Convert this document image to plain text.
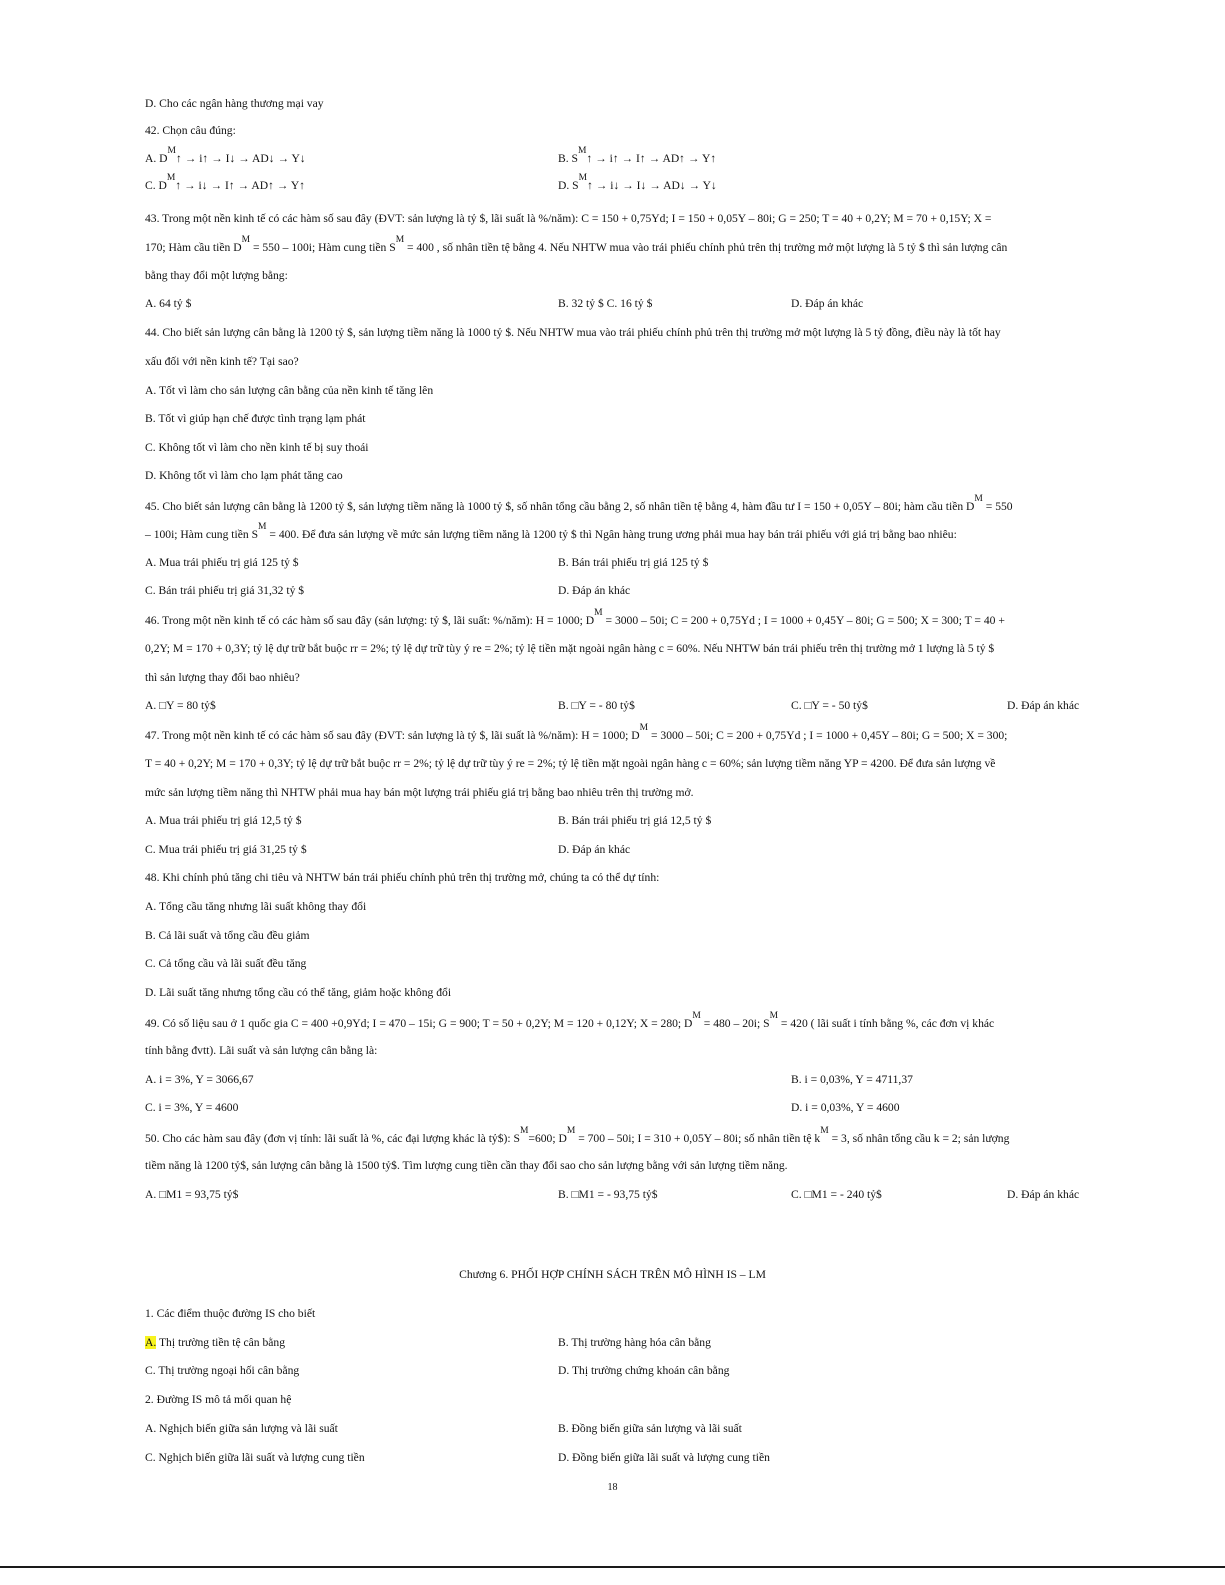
D. Cho các ngân hàng thương mại vay
42. Chọn câu đúng:
A. $D^M↑$ → i↑ → I↓ → AD↓ → Y↓	B. $S^M↑$ → i↑ → I↑ → AD↑ → Y↑
C. $D^M↑$ → i↓ → I↑ → AD↑ → Y↑	D. $S^M↑$ → i↓ → I↓ → AD↓ → Y↓
43. Trong một nền kinh tế có các hàm số sau đây (ĐVT: sản lượng là tỷ $, lãi suất là %/năm): C = 150 + 0,75Yd; I = 150 + 0,05Y – 80i; G = 250; T = 40 + 0,2Y; M = 70 + 0,15Y; X =
170; Hàm cầu tiền $D^M = 550 - 100i$; Hàm cung tiền $S^M = 400$ , số nhân tiền tệ bằng 4. Nếu NHTW mua vào trái phiếu chính phủ trên thị trường mở một lượng là 5 tỷ $ thì sản lượng cân
bằng thay đổi một lượng bằng:
A. 64 tỷ $	B. 32 tỷ $ C. 16 tỷ $	D. Đáp án khác
44. Cho biết sản lượng cân bằng là 1200 tỷ $, sản lượng tiềm năng là 1000 tỷ $. Nếu NHTW mua vào trái phiếu chính phủ trên thị trường mở một lượng là 5 tỷ đồng, điều này là tốt hay
xấu đối với nền kinh tế? Tại sao?
A. Tốt vì làm cho sản lượng cân bằng của nền kinh tế tăng lên
B. Tốt vì giúp hạn chế được tình trạng lạm phát
C. Không tốt vì làm cho nền kinh tế bị suy thoái
D. Không tốt vì làm cho lạm phát tăng cao
45. Cho biết sản lượng cân bằng là 1200 tỷ $, sản lượng tiềm năng là 1000 tỷ $, số nhân tổng cầu bằng 2, số nhân tiền tệ bằng 4, hàm đầu tư I = 150 + 0,05Y – 80i; hàm cầu tiền $D^M = 550$
– 100i; Hàm cung tiền $S^M = 400$. Để đưa sản lượng về mức sản lượng tiềm năng là 1200 tỷ $ thì Ngân hàng trung ương phải mua hay bán trái phiếu với giá trị bằng bao nhiêu:
A. Mua trái phiếu trị giá 125 tỷ $	B. Bán trái phiếu trị giá 125 tỷ $
C. Bán trái phiếu trị giá 31,32 tỷ $	D. Đáp án khác
46. Trong một nền kinh tế có các hàm số sau đây (sản lượng: tỷ $, lãi suất: %/năm): H = 1000; $D^M = 3000 - 50i$; C = 200 + 0,75Yd ; I = 1000 + 0,45Y – 80i; G = 500; X = 300; T = 40 +
0,2Y; M = 170 + 0,3Y; tỷ lệ dự trữ bắt buộc rr = 2%; tỷ lệ dự trữ tùy ý re = 2%; tỷ lệ tiền mặt ngoài ngân hàng c = 60%. Nếu NHTW bán trái phiếu trên thị trường mở 1 lượng là 5 tỷ $
thì sản lượng thay đổi bao nhiêu?
A. □Y = 80 tỷ$	B. □Y = - 80 tỷ$	C. □Y = - 50 tỷ$	D. Đáp án khác
47. Trong một nền kinh tế có các hàm số sau đây (ĐVT: sản lượng là tỷ $, lãi suất là %/năm): H = 1000; $D^M = 3000 - 50i$; C = 200 + 0,75Yd ; I = 1000 + 0,45Y – 80i; G = 500; X = 300;
T = 40 + 0,2Y; M = 170 + 0,3Y; tỷ lệ dự trữ bắt buộc rr = 2%; tỷ lệ dự trữ tùy ý re = 2%; tỷ lệ tiền mặt ngoài ngân hàng c = 60%; sản lượng tiềm năng YP = 4200. Để đưa sản lượng về
mức sản lượng tiềm năng thì NHTW phải mua hay bán một lượng trái phiếu giá trị bằng bao nhiêu trên thị trường mở.
A. Mua trái phiếu trị giá 12,5 tỷ $	B. Bán trái phiếu trị giá 12,5 tỷ $
C. Mua trái phiếu trị giá 31,25 tỷ $	D. Đáp án khác
48. Khi chính phủ tăng chi tiêu và NHTW bán trái phiếu chính phủ trên thị trường mở, chúng ta có thể dự tính:
A. Tổng cầu tăng nhưng lãi suất không thay đổi
B. Cả lãi suất và tổng cầu đều giảm
C. Cả tổng cầu và lãi suất đều tăng
D. Lãi suất tăng nhưng tổng cầu có thể tăng, giảm hoặc không đổi
49. Có số liệu sau ở 1 quốc gia C = 400 +0,9Yd; I = 470 – 15i; G = 900; T = 50 + 0,2Y; M = 120 + 0,12Y; X = 280; $D^M = 480 - 20i$; $S^M = 420$ ( lãi suất i tính bằng %, các đơn vị khác
tính bằng đvtt). Lãi suất và sản lượng cân bằng là:
A. i = 3%, Y = 3066,67	B. i = 0,03%, Y = 4711,37
C. i = 3%, Y = 4600	D. i = 0,03%, Y = 4600
50. Cho các hàm sau đây (đơn vị tính: lãi suất là %, các đại lượng khác là tỷ$): $S^M=600$; $D^M = 700 - 50i$; I = 310 + 0,05Y – 80i; số nhân tiền tệ $k^M = 3$, số nhân tổng cầu k = 2; sản lượng
tiềm năng là 1200 tỷ$, sản lượng cân bằng là 1500 tỷ$. Tìm lượng cung tiền cần thay đổi sao cho sản lượng bằng với sản lượng tiềm năng.
A. □M1 = 93,75 tỷ$	B. □M1 = - 93,75 tỷ$	C. □M1 = - 240 tỷ$	D. Đáp án khác
Chương 6. PHỐI HỢP CHÍNH SÁCH TRÊN MÔ HÌNH IS – LM
1. Các điểm thuộc đường IS cho biết
A. Thị trường tiền tệ cân bằng	B. Thị trường hàng hóa cân bằng
C. Thị trường ngoại hối cân bằng	D. Thị trường chứng khoán cân bằng
2. Đường IS mô tả mối quan hệ
A. Nghịch biến giữa sản lượng và lãi suất	B. Đồng biến giữa sản lượng và lãi suất
C. Nghịch biến giữa lãi suất và lượng cung tiền	D. Đồng biến giữa lãi suất và lượng cung tiền
18
